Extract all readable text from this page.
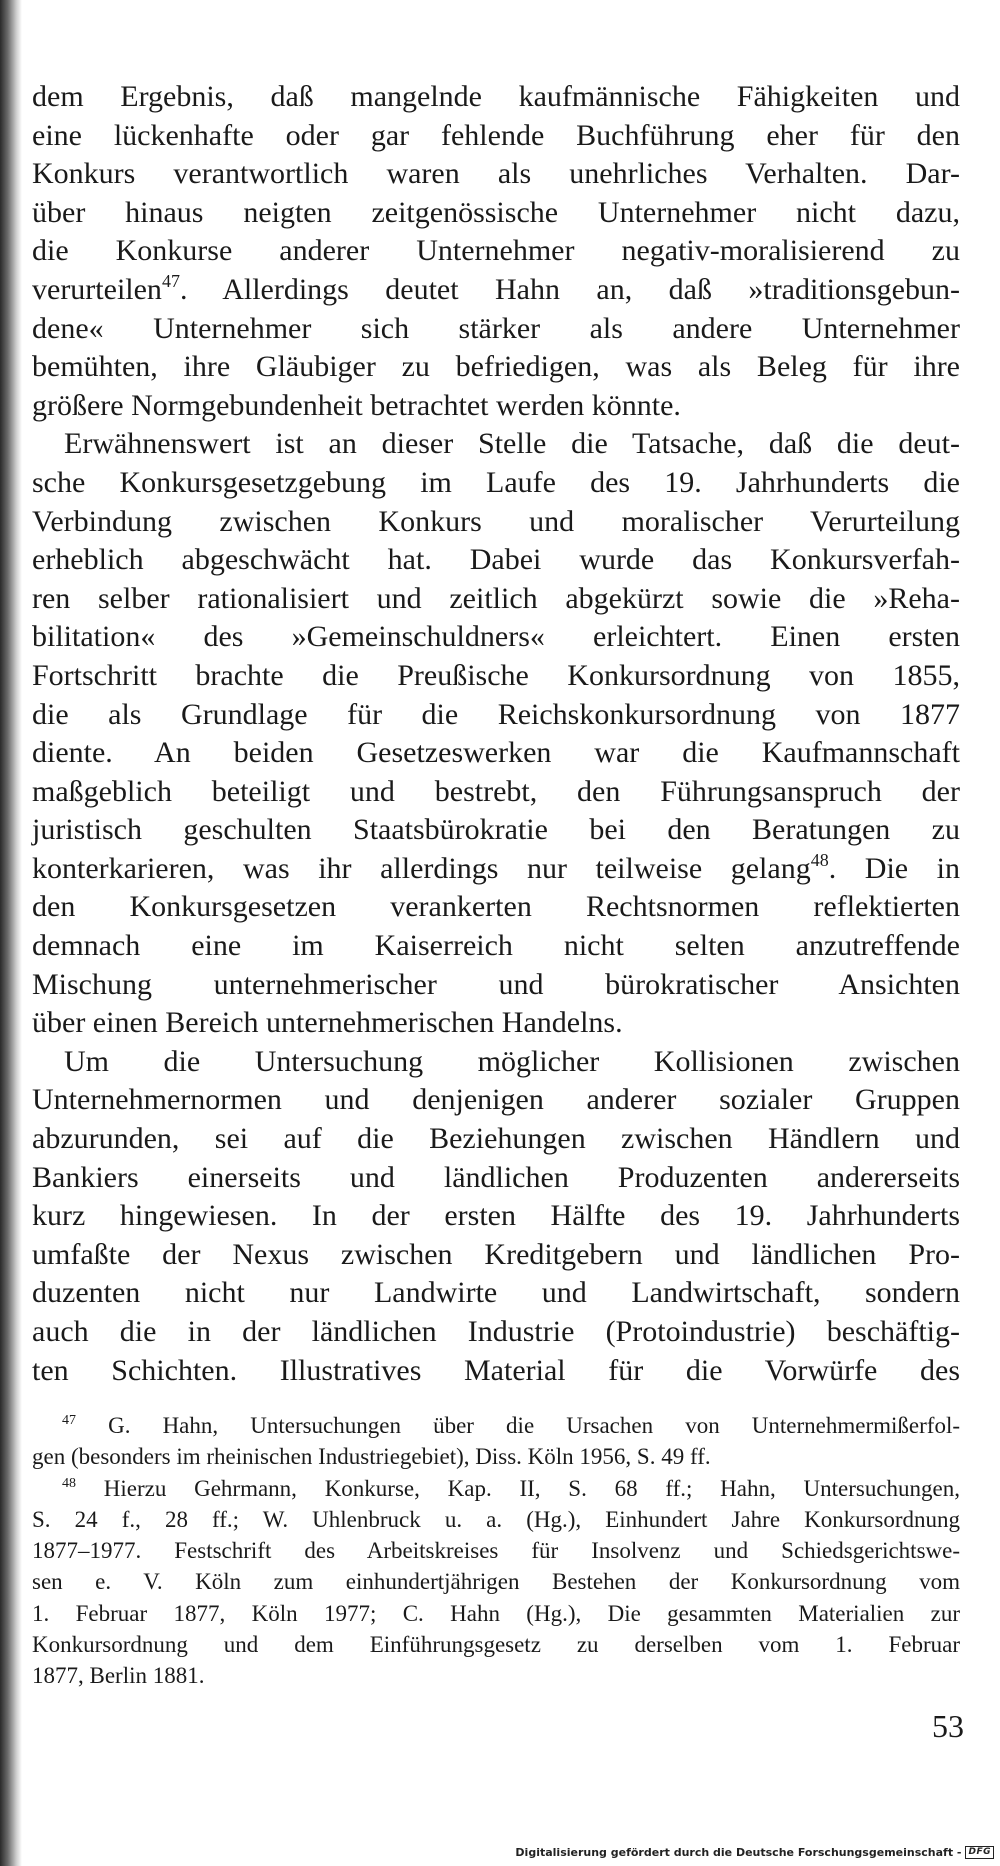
dem Ergebnis, daß mangelnde kaufmännische Fähigkeiten und
eine lückenhafte oder gar fehlende Buchführung eher für den
Konkurs verantwortlich waren als unehrliches Verhalten. Dar-
über hinaus neigten zeitgenössische Unternehmer nicht dazu,
die Konkurse anderer Unternehmer negativ-moralisierend zu
verurteilen$^{47}$. Allerdings deutet Hahn an, daß »traditionsgebun-
dene« Unternehmer sich stärker als andere Unternehmer
bemühten, ihre Gläubiger zu befriedigen, was als Beleg für ihre
größere Normgebundenheit betrachtet werden könnte.
Erwähnenswert ist an dieser Stelle die Tatsache, daß die deut-
sche Konkursgesetzgebung im Laufe des 19. Jahrhunderts die
Verbindung zwischen Konkurs und moralischer Verurteilung
erheblich abgeschwächt hat. Dabei wurde das Konkursverfah-
ren selber rationalisiert und zeitlich abgekürzt sowie die »Reha-
bilitation« des »Gemeinschuldners« erleichtert. Einen ersten
Fortschritt brachte die Preußische Konkursordnung von 1855,
die als Grundlage für die Reichskonkursordnung von 1877
diente. An beiden Gesetzeswerken war die Kaufmannschaft
maßgeblich beteiligt und bestrebt, den Führungsanspruch der
juristisch geschulten Staatsbürokratie bei den Beratungen zu
konterkarieren, was ihr allerdings nur teilweise gelang$^{48}$. Die in
den Konkursgesetzen verankerten Rechtsnormen reflektierten
demnach eine im Kaiserreich nicht selten anzutreffende
Mischung unternehmerischer und bürokratischer Ansichten
über einen Bereich unternehmerischen Handelns.
Um die Untersuchung möglicher Kollisionen zwischen
Unternehmernormen und denjenigen anderer sozialer Gruppen
abzurunden, sei auf die Beziehungen zwischen Händlern und
Bankiers einerseits und ländlichen Produzenten andererseits
kurz hingewiesen. In der ersten Hälfte des 19. Jahrhunderts
umfaßte der Nexus zwischen Kreditgebern und ländlichen Pro-
duzenten nicht nur Landwirte und Landwirtschaft, sondern
auch die in der ländlichen Industrie (Protoindustrie) beschäftig-
ten Schichten. Illustratives Material für die Vorwürfe des
$^{47}$ G. Hahn, Untersuchungen über die Ursachen von Unternehmermißerfol-
gen (besonders im rheinischen Industriegebiet), Diss. Köln 1956, S. 49 ff.
$^{48}$ Hierzu Gehrmann, Konkurse, Kap. II, S. 68 ff.; Hahn, Untersuchungen,
S. 24 f., 28 ff.; W. Uhlenbruck u. a. (Hg.), Einhundert Jahre Konkursordnung
1877–1977. Festschrift des Arbeitskreises für Insolvenz und Schiedsgerichtswe-
sen e. V. Köln zum einhundertjährigen Bestehen der Konkursordnung vom
1. Februar 1877, Köln 1977; C. Hahn (Hg.), Die gesammten Materialien zur
Konkursordnung und dem Einführungsgesetz zu derselben vom 1. Februar
1877, Berlin 1881.
53
Digitalisierung gefördert durch die Deutsche Forschungsgemeinschaft - DFG
